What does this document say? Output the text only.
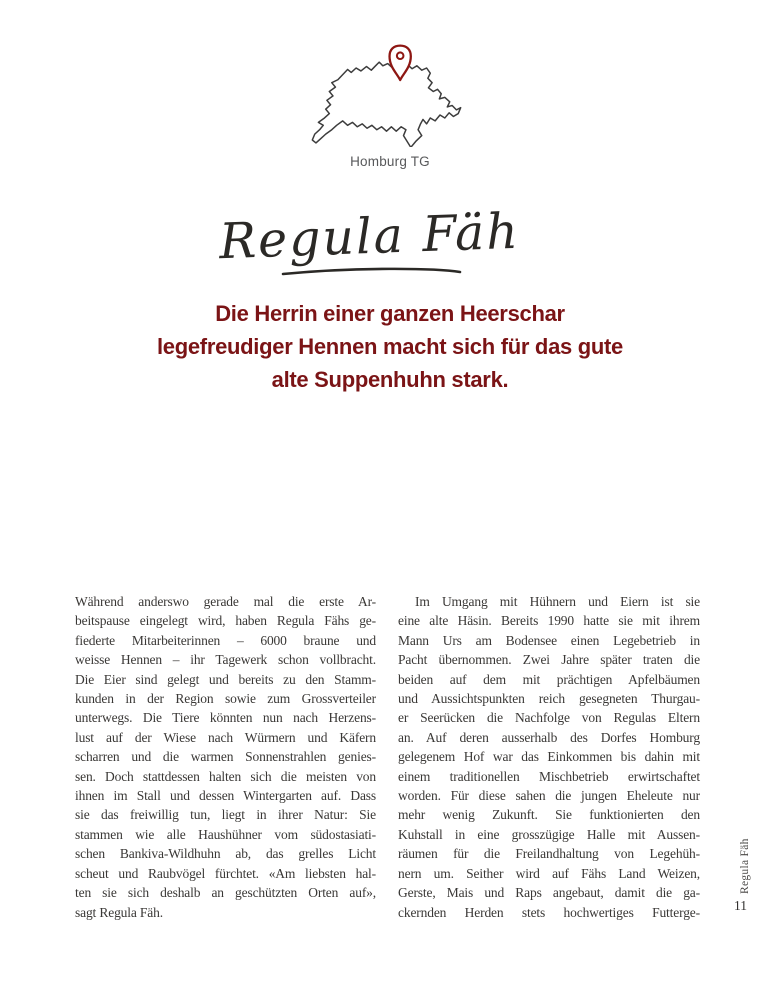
Homburg TG
Regula Fäh
Die Herrin einer ganzen Heerschar
legefreudiger Hennen macht sich für das gute
alte Suppenhuhn stark.
Während anderswo gerade mal die erste Ar-
beitspause eingelegt wird, haben Regula Fähs ge-
fiederte Mitarbeiterinnen – 6000 braune und
weisse Hennen – ihr Tagewerk schon vollbracht.
Die Eier sind gelegt und bereits zu den Stamm-
kunden in der Region sowie zum Grossverteiler
unterwegs. Die Tiere könnten nun nach Herzens-
lust auf der Wiese nach Würmern und Käfern
scharren und die warmen Sonnenstrahlen genies-
sen. Doch stattdessen halten sich die meisten von
ihnen im Stall und dessen Wintergarten auf. Dass
sie das freiwillig tun, liegt in ihrer Natur: Sie
stammen wie alle Haushühner vom südostasiati-
schen Bankiva-Wildhuhn ab, das grelles Licht
scheut und Raubvögel fürchtet. «Am liebsten hal-
ten sie sich deshalb an geschützten Orten auf»,
sagt Regula Fäh.
Im Umgang mit Hühnern und Eiern ist sie
eine alte Häsin. Bereits 1990 hatte sie mit ihrem
Mann Urs am Bodensee einen Legebetrieb in
Pacht übernommen. Zwei Jahre später traten die
beiden auf dem mit prächtigen Apfelbäumen
und Aussichtspunkten reich gesegneten Thurgau-
er Seerücken die Nachfolge von Regulas Eltern
an. Auf deren ausserhalb des Dorfes Homburg
gelegenem Hof war das Einkommen bis dahin mit
einem traditionellen Mischbetrieb erwirtschaftet
worden. Für diese sahen die jungen Eheleute nur
mehr wenig Zukunft. Sie funktionierten den
Kuhstall in eine grosszügige Halle mit Aussen-
räumen für die Freilandhaltung von Legehüh-
nern um. Seither wird auf Fähs Land Weizen,
Gerste, Mais und Raps angebaut, damit die ga-
ckernden Herden stets hochwertiges Futterge-
Regula Fäh
11
